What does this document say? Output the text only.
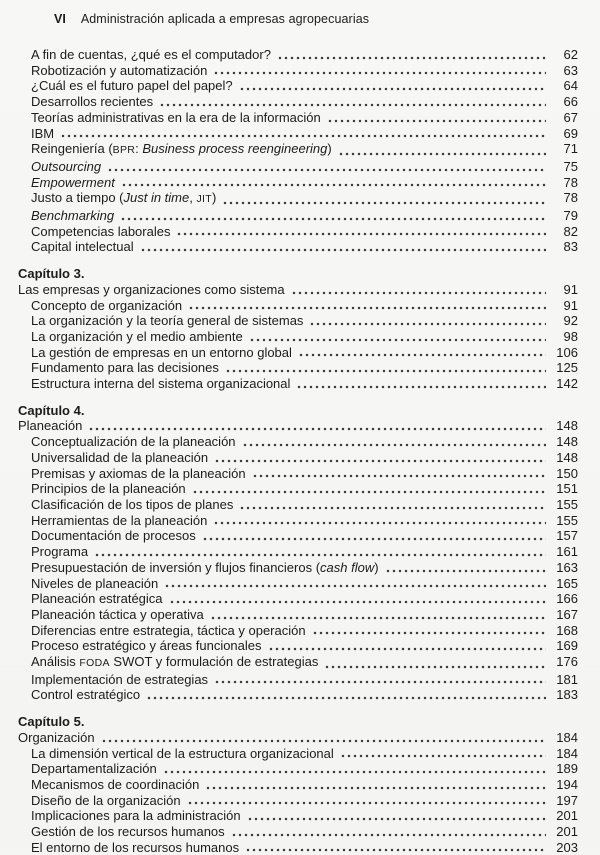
VI Administración aplicada a empresas agropecuarias
A fin de cuentas, ¿qué es el computador?	62
Robotización y automatización	63
¿Cuál es el futuro papel del papel?	64
Desarrollos recientes	66
Teorías administrativas en la era de la información	67
IBM	69
Reingeniería (BPR: Business process reengineering)	71
Outsourcing	75
Empowerment	78
Justo a tiempo (Just in time, JIT)	78
Benchmarking	79
Competencias laborales	82
Capital intelectual	83
Capítulo 3.
Las empresas y organizaciones como sistema	91
Concepto de organización	91
La organización y la teoría general de sistemas	92
La organización y el medio ambiente	98
La gestión de empresas en un entorno global	106
Fundamento para las decisiones	125
Estructura interna del sistema organizacional	142
Capítulo 4.
Planeación	148
Conceptualización de la planeación	148
Universalidad de la planeación	148
Premisas y axiomas de la planeación	150
Principios de la planeación	151
Clasificación de los tipos de planes	155
Herramientas de la planeación	155
Documentación de procesos	157
Programa	161
Presupuestación de inversión y flujos financieros (cash flow)	163
Niveles de planeación	165
Planeación estratégica	166
Planeación táctica y operativa	167
Diferencias entre estrategia, táctica y operación	168
Proceso estratégico y áreas funcionales	169
Análisis FODA SWOT y formulación de estrategias	176
Implementación de estrategias	181
Control estratégico	183
Capítulo 5.
Organización	184
La dimensión vertical de la estructura organizacional	184
Departamentalización	189
Mecanismos de coordinación	194
Diseño de la organización	197
Implicaciones para la administración	201
Gestión de los recursos humanos	201
El entorno de los recursos humanos	203
